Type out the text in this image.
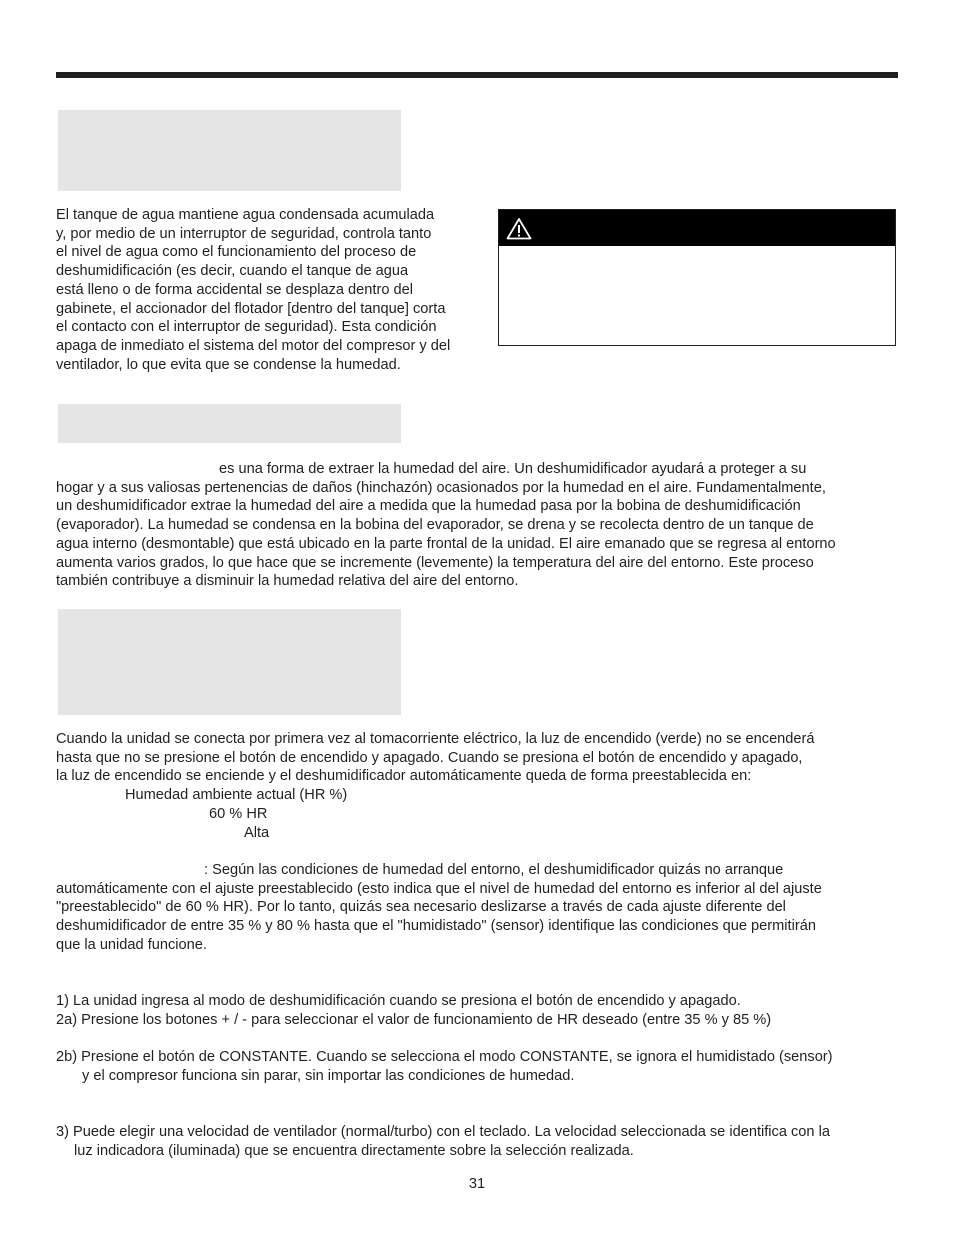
El tanque de agua mantiene agua condensada acumulada
y, por medio de un interruptor de seguridad, controla tanto
el nivel de agua como el funcionamiento del proceso de
deshumidificación (es decir, cuando el tanque de agua
está lleno o de forma accidental se desplaza dentro del
gabinete, el accionador del flotador [dentro del tanque] corta
el contacto con el interruptor de seguridad). Esta condición
apaga de inmediato el sistema del motor del compresor y del
ventilador, lo que evita que se condense la humedad.
es una forma de extraer la humedad del aire. Un deshumidificador ayudará a proteger a su
hogar y a sus valiosas pertenencias de daños (hinchazón) ocasionados por la humedad en el aire. Fundamentalmente,
un deshumidificador extrae la humedad del aire a medida que la humedad pasa por la bobina de deshumidificación
(evaporador). La humedad se condensa en la bobina del evaporador, se drena y se recolecta dentro de un tanque de
agua interno (desmontable) que está ubicado en la parte frontal de la unidad. El aire emanado que se regresa al entorno
aumenta varios grados, lo que hace que se incremente (levemente) la temperatura del aire del entorno. Este proceso
también contribuye a disminuir la humedad relativa del aire del entorno.
Cuando la unidad se conecta por primera vez al tomacorriente eléctrico, la luz de encendido (verde) no se encenderá
hasta que no se presione el botón de encendido y apagado. Cuando se presiona el botón de encendido y apagado,
la luz de encendido se enciende y el deshumidificador automáticamente queda de forma preestablecida en:
Humedad ambiente actual (HR %)
60 % HR
Alta
: Según las condiciones de humedad del entorno, el deshumidificador quizás no arranque
automáticamente con el ajuste preestablecido (esto indica que el nivel de humedad del entorno es inferior al del ajuste
"preestablecido" de 60 % HR). Por lo tanto, quizás sea necesario deslizarse a través de cada ajuste diferente del
deshumidificador de entre 35 % y 80 % hasta que el "humidistado" (sensor) identifique las condiciones que permitirán
que la unidad funcione.
1) La unidad ingresa al modo de deshumidificación cuando se presiona el botón de encendido y apagado.
2a) Presione los botones + / - para seleccionar el valor de funcionamiento de HR deseado (entre 35 % y 85 %)
2b) Presione el botón de CONSTANTE. Cuando se selecciona el modo CONSTANTE, se ignora el humidistado (sensor)
y el compresor funciona sin parar, sin importar las condiciones de humedad.
3) Puede elegir una velocidad de ventilador (normal/turbo) con el teclado. La velocidad seleccionada se identifica con la
luz indicadora (iluminada) que se encuentra directamente sobre la selección realizada.
31
